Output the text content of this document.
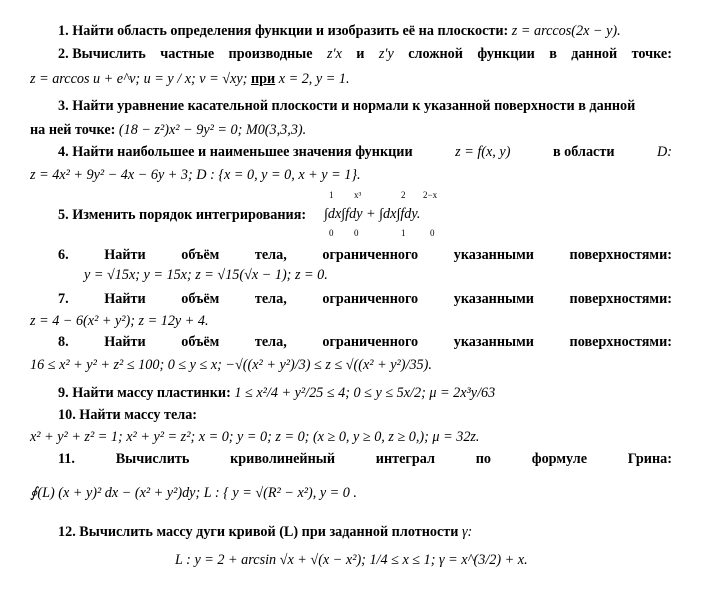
1. Найти область определения функции и изобразить её на плоскости: z = arccos(2x − y).
2. Вычислить частные производные z′x и z′y сложной функции в данной точке:
z = arccos u + e^v; u = y / x; v = √xy; при x = 2, y = 1.
3. Найти уравнение касательной плоскости и нормали к указанной поверхности в данной
на ней точке: (18 − z²)x² − 9y² = 0; M0(3,3,3).
4. Найти наибольшее и наименьшее значения функции	z = f(x, y)	в области	D:
z = 4x² + 9y² − 4x − 6y + 3; D : {x = 0, y = 0, x + y = 1}.
5. Изменить порядок интегрирования:
1
0
x³
0
2
1
2−x
0
∫dx∫fdy + ∫dx∫fdy.
6.	Найти	объём	тела,	ограниченного	указанными	поверхностями:
y = √15x; y = 15x; z = √15(√x − 1); z = 0.
7.	Найти	объём	тела,	ограниченного	указанными	поверхностями:
z = 4 − 6(x² + y²); z = 12y + 4.
8.	Найти	объём	тела,	ограниченного	указанными	поверхностями:
16 ≤ x² + y² + z² ≤ 100; 0 ≤ y ≤ x; −√((x² + y²)/3) ≤ z ≤ √((x² + y²)/35).
9. Найти массу пластинки: 1 ≤ x²/4 + y²/25 ≤ 4; 0 ≤ y ≤ 5x/2; μ = 2x³y/63
10. Найти массу тела:
x² + y² + z² = 1; x² + y² = z²; x = 0; y = 0; z = 0; (x ≥ 0, y ≥ 0, z ≥ 0,); μ = 32z.
11.	Вычислить	криволинейный	интеграл	по	формуле	Грина:
∮(L) (x + y)² dx − (x² + y²)dy; L : { y = √(R² − x²), y = 0 .
12. Вычислить массу дуги кривой (L) при заданной плотности γ:
L : y = 2 + arcsin √x + √(x − x²); 1/4 ≤ x ≤ 1; γ = x^(3/2) + x.
